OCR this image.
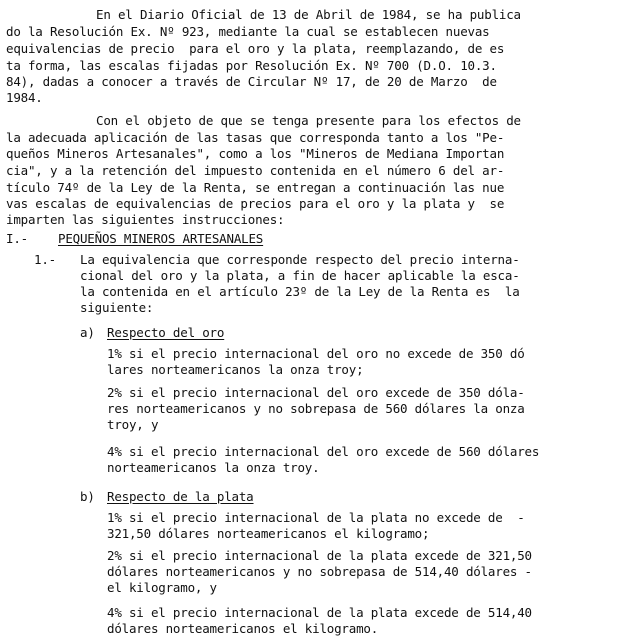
En el Diario Oficial de 13 de Abril de 1984, se ha publica
do la Resolución Ex. Nº 923, mediante la cual se establecen nuevas
equivalencias de precio  para el oro y la plata, reemplazando, de es
ta forma, las escalas fijadas por Resolución Ex. Nº 700 (D.O. 10.3.
84), dadas a conocer a través de Circular Nº 17, de 20 de Marzo  de
1984.
Con el objeto de que se tenga presente para los efectos de
la adecuada aplicación de las tasas que corresponda tanto a los "Pe-
queños Mineros Artesanales", como a los "Mineros de Mediana Importan
cia", y a la retención del impuesto contenida en el número 6 del ar-
tículo 74º de la Ley de la Renta, se entregan a continuación las nue
vas escalas de equivalencias de precios para el oro y la plata y  se
imparten las siguientes instrucciones:
I.- PEQUEÑOS MINEROS ARTESANALES
1.- La equivalencia que corresponde respecto del precio interna-
cional del oro y la plata, a fin de hacer aplicable la esca-
la contenida en el artículo 23º de la Ley de la Renta es  la
siguiente:
a) Respecto del oro
1% si el precio internacional del oro no excede de 350 dó
lares norteamericanos la onza troy;
2% si el precio internacional del oro excede de 350 dóla-
res norteamericanos y no sobrepasa de 560 dólares la onza
troy, y
4% si el precio internacional del oro excede de 560 dólares
norteamericanos la onza troy.
b) Respecto de la plata
1% si el precio internacional de la plata no excede de  -
321,50 dólares norteamericanos el kilogramo;
2% si el precio internacional de la plata excede de 321,50
dólares norteamericanos y no sobrepasa de 514,40 dólares -
el kilogramo, y
4% si el precio internacional de la plata excede de 514,40
dólares norteamericanos el kilogramo.
